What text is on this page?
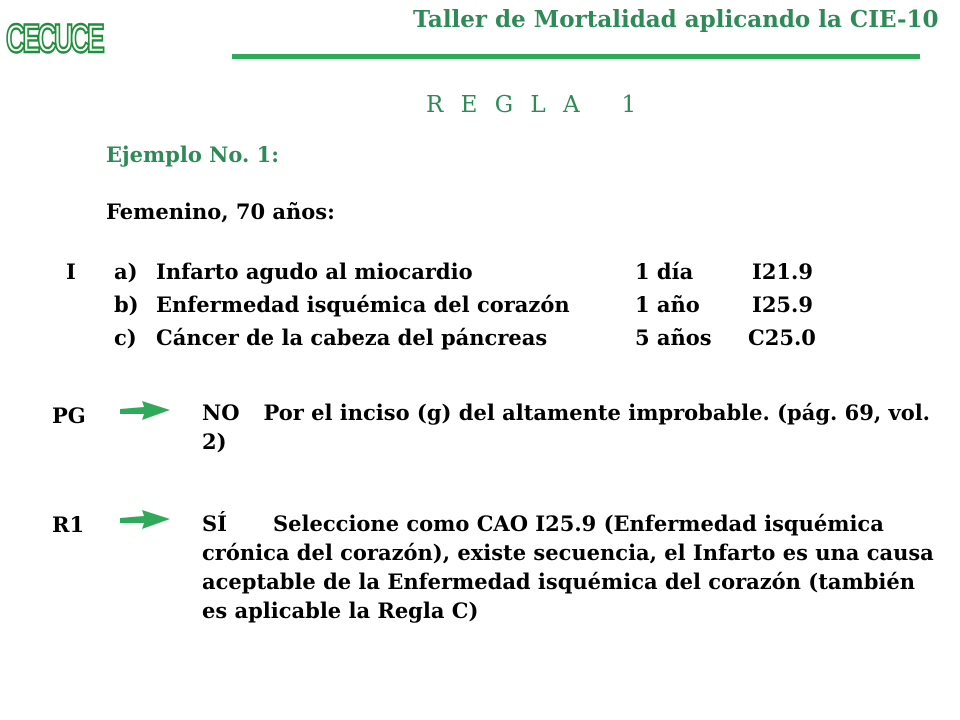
CECUCE	Taller de Mortalidad aplicando la CIE-10
R E G L A   1
Ejemplo No. 1:
Femenino, 70 años:
I a) Infarto agudo al miocardio	1 día	I21.9
b) Enfermedad isquémica del corazón	1 año I25.9
c) Cáncer de la cabeza del páncreas	5 años C25.0
PG	NO Por el inciso (g) del altamente improbable. (pág. 69, vol. 2)
R1	SÍ Seleccione como CAO I25.9 (Enfermedad isquémica crónica del corazón), existe secuencia, el Infarto es una causa aceptable de la Enfermedad isquémica del corazón (también es aplicable la Regla C)
